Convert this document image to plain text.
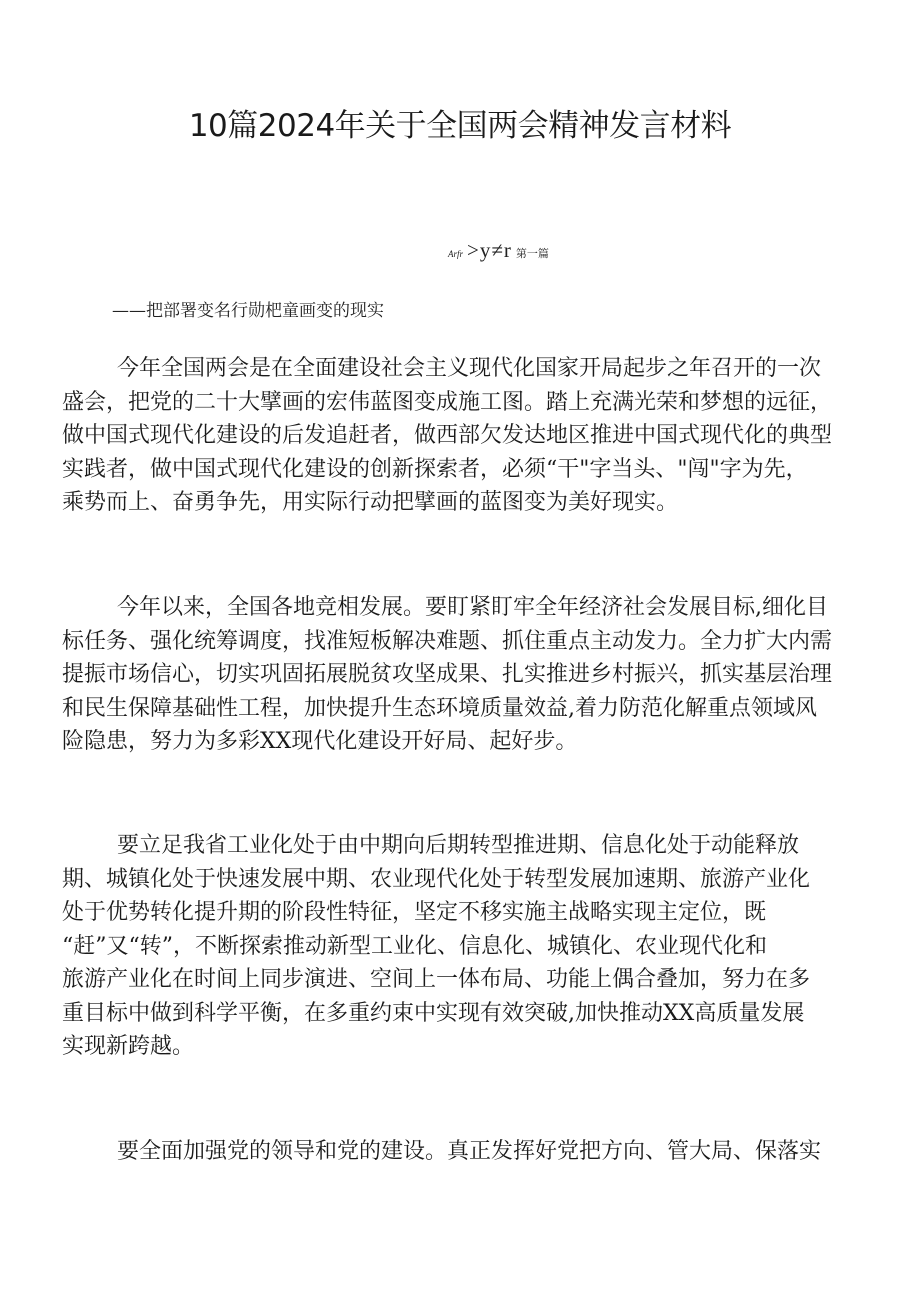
10篇2024年关于全国两会精神发言材料
Arfr >y≠r 第一篇
——把部署变名行勋杷童画变的现实
今年全国两会是在全面建设社会主义现代化国家开局起步之年召开的一次
盛会，把党的二十大擘画的宏伟蓝图变成施工图。踏上充满光荣和梦想的远征，
做中国式现代化建设的后发追赶者，做西部欠发达地区推进中国式现代化的典型
实践者，做中国式现代化建设的创新探索者，必须“干"字当头、"闯"字为先，
乘势而上、奋勇争先，用实际行动把擘画的蓝图变为美好现实。
今年以来，全国各地竞相发展。要盯紧盯牢全年经济社会发展目标,细化目
标任务、强化统筹调度，找准短板解决难题、抓住重点主动发力。全力扩大内需
提振市场信心，切实巩固拓展脱贫攻坚成果、扎实推进乡村振兴，抓实基层治理
和民生保障基础性工程，加快提升生态环境质量效益,着力防范化解重点领域风
险隐患，努力为多彩XX现代化建设开好局、起好步。
要立足我省工业化处于由中期向后期转型推进期、信息化处于动能释放
期、城镇化处于快速发展中期、农业现代化处于转型发展加速期、旅游产业化
处于优势转化提升期的阶段性特征，坚定不移实施主战略实现主定位，既
“赶”又“转”，不断探索推动新型工业化、信息化、城镇化、农业现代化和
旅游产业化在时间上同步演进、空间上一体布局、功能上偶合叠加，努力在多
重目标中做到科学平衡，在多重约束中实现有效突破,加快推动XX高质量发展
实现新跨越。
要全面加强党的领导和党的建设。真正发挥好党把方向、管大局、保落实
